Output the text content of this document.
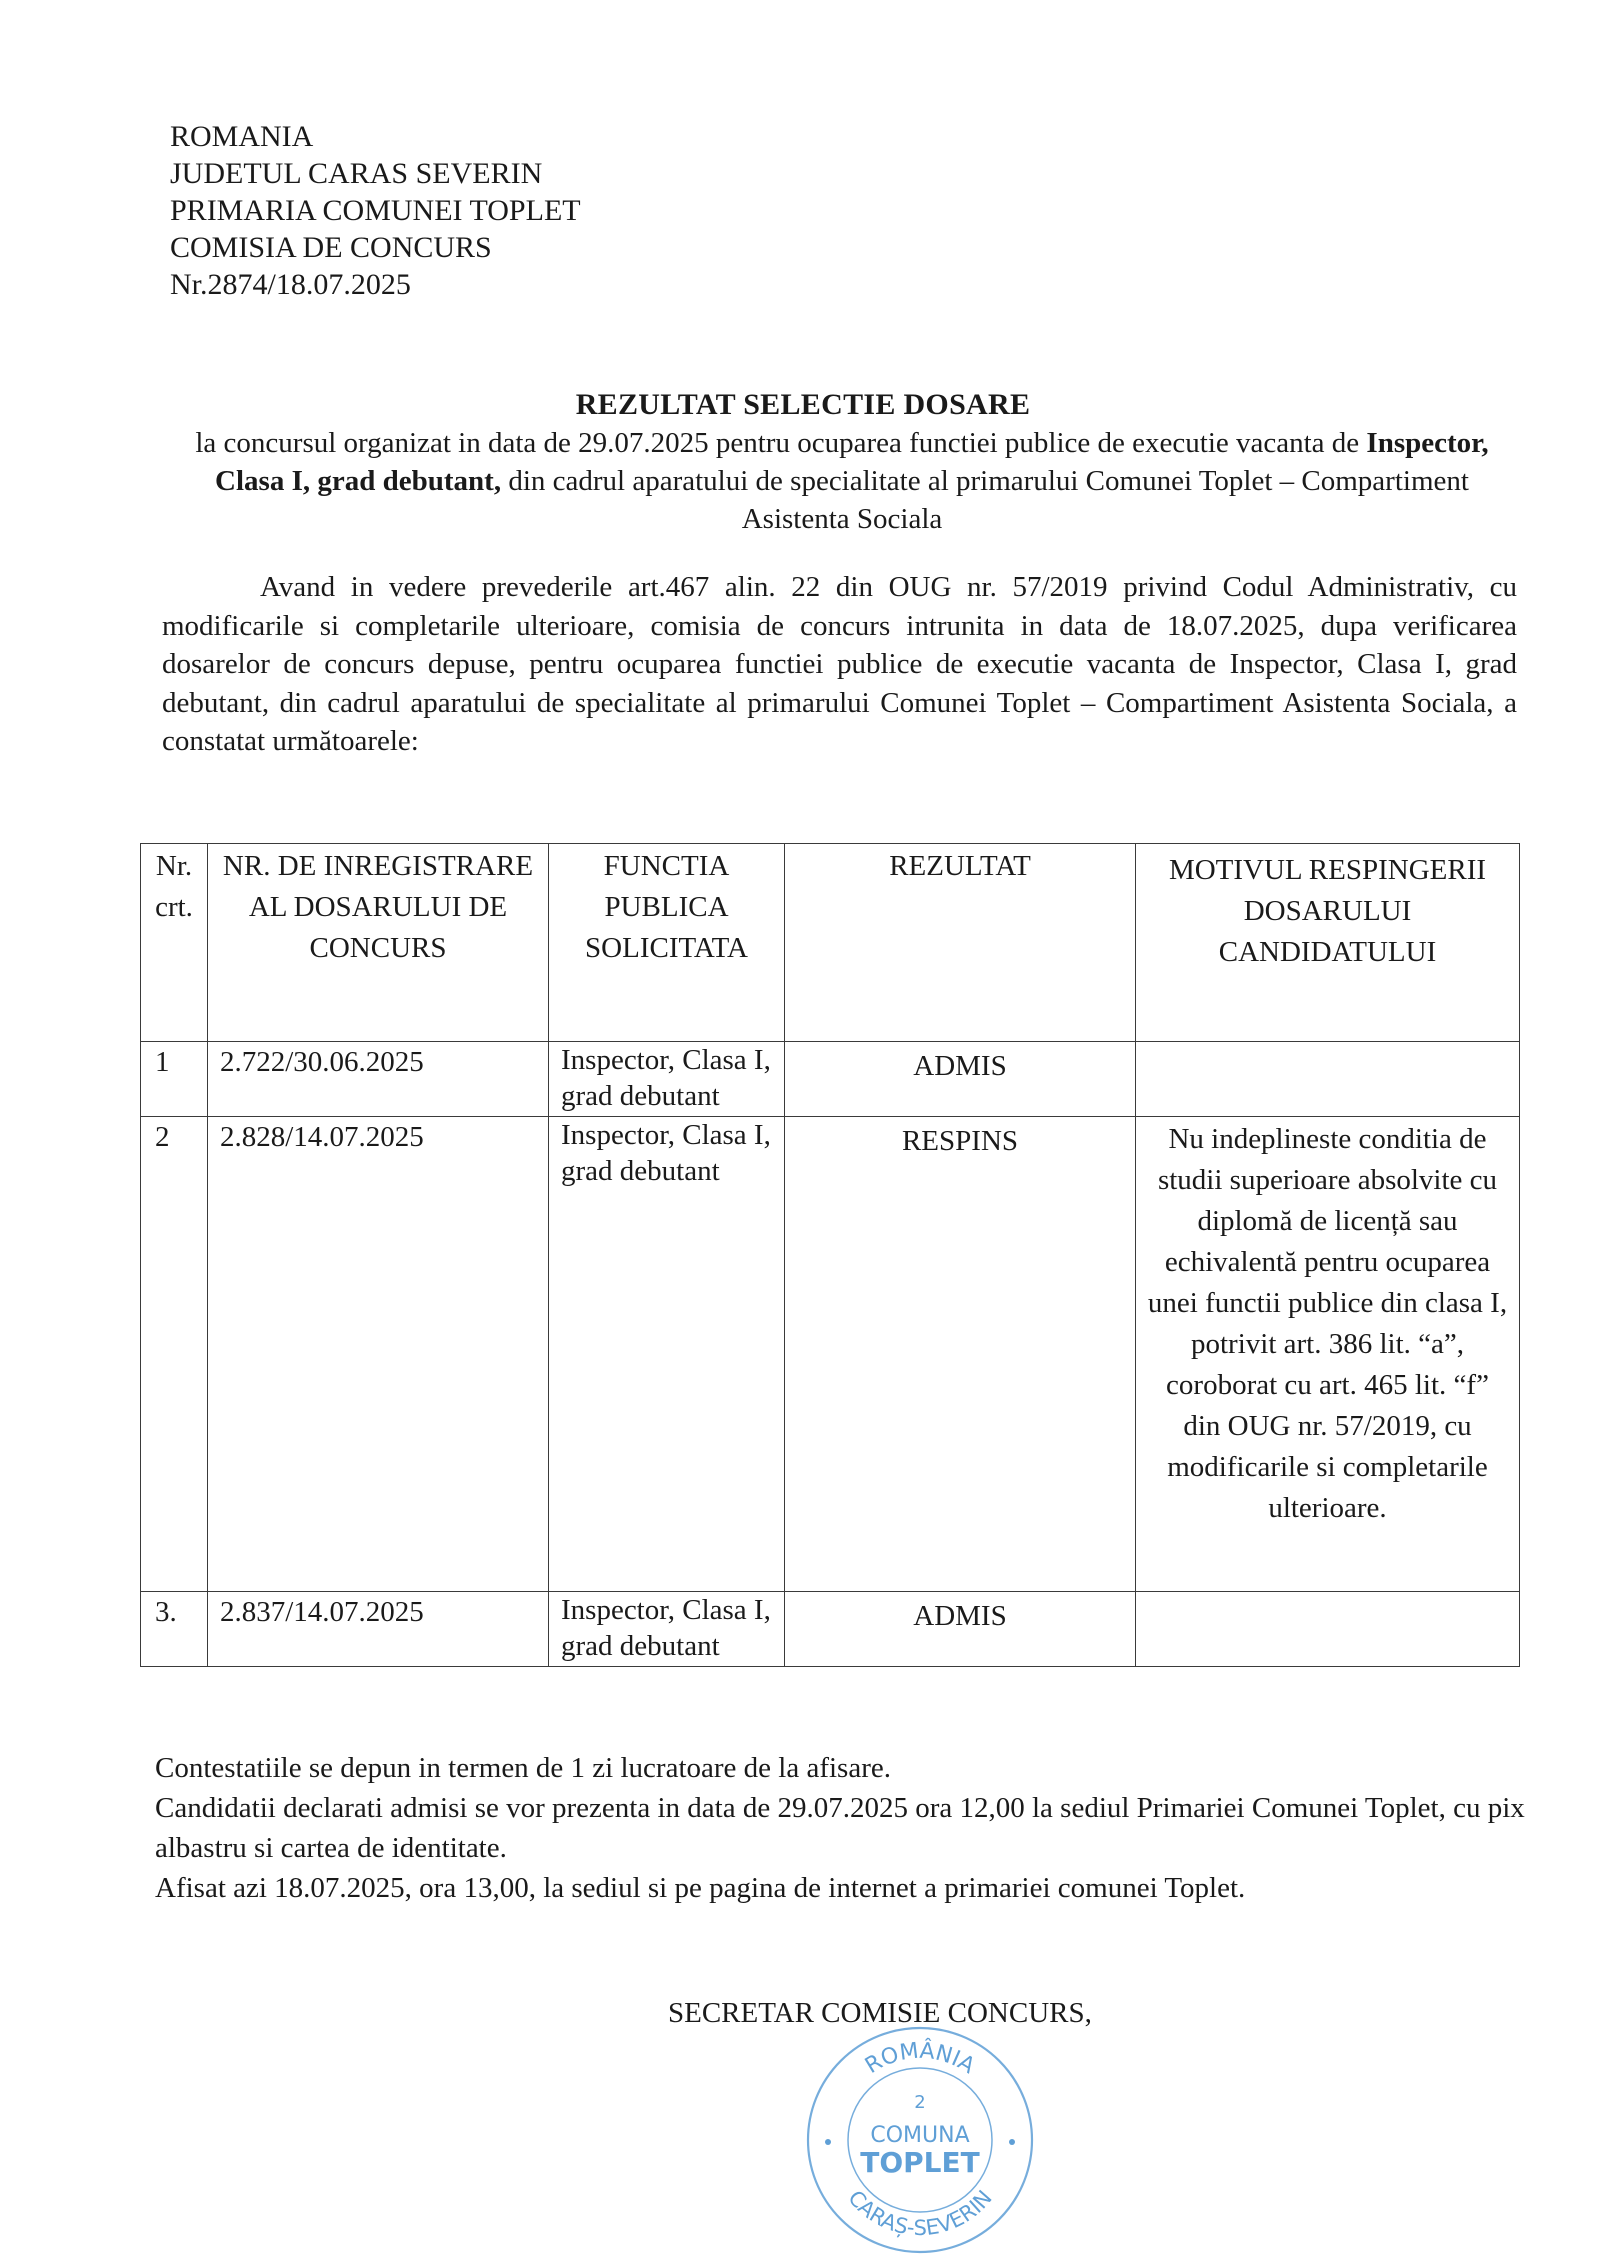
ROMANIA
JUDETUL CARAS SEVERIN
PRIMARIA COMUNEI TOPLET
COMISIA DE CONCURS
Nr.2874/18.07.2025
REZULTAT SELECTIE DOSARE
la concursul organizat in data de 29.07.2025 pentru ocuparea functiei publice de executie vacanta de Inspector, Clasa I, grad debutant, din cadrul aparatului de specialitate al primarului Comunei Toplet – Compartiment Asistenta Sociala
Avand in vedere prevederile art.467 alin. 22 din OUG nr. 57/2019 privind Codul Administrativ, cu modificarile si completarile ulterioare, comisia de concurs intrunita in data de 18.07.2025, dupa verificarea dosarelor de concurs depuse, pentru ocuparea functiei publice de executie vacanta de Inspector, Clasa I, grad debutant, din cadrul aparatului de specialitate al primarului Comunei Toplet – Compartiment Asistenta Sociala, a constatat următoarele:
Nr. crt.	NR. DE INREGISTRARE AL DOSARULUI DE CONCURS	FUNCTIA PUBLICA SOLICITATA	REZULTAT	MOTIVUL RESPINGERII DOSARULUI CANDIDATULUI
1	2.722/30.06.2025	Inspector, Clasa I, grad debutant	ADMIS	
2	2.828/14.07.2025	Inspector, Clasa I, grad debutant	RESPINS	Nu indeplineste conditia de studii superioare absolvite cu diplomă de licență sau echivalentă pentru ocuparea unei functii publice din clasa I, potrivit art. 386 lit. “a”, coroborat cu art. 465 lit. “f” din OUG nr. 57/2019, cu modificarile si completarile ulterioare.
3.	2.837/14.07.2025	Inspector, Clasa I, grad debutant	ADMIS	
Contestatiile se depun in termen de 1 zi lucratoare de la afisare.
Candidatii declarati admisi se vor prezenta in data de 29.07.2025 ora 12,00 la sediul Primariei Comunei Toplet, cu pix albastru si cartea de identitate.
Afisat azi 18.07.2025, ora 13,00, la sediul si pe pagina de internet a primariei comunei Toplet.
SECRETAR COMISIE CONCURS,
ROMÂNIA
2
COMUNA
TOPLET
CARAȘ-SEVERIN
